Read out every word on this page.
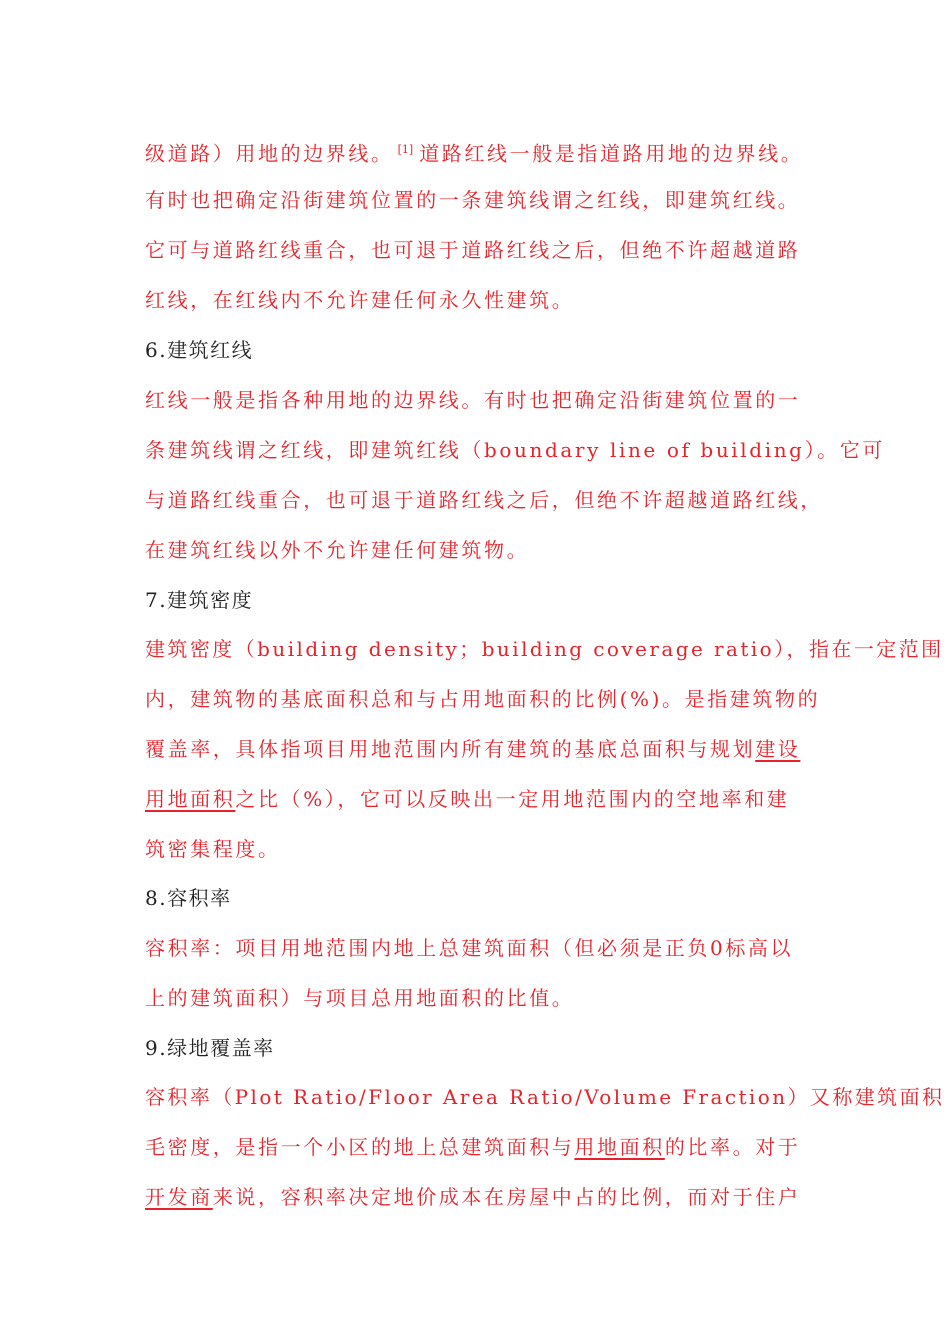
级道路）用地的边界线。 [1] 道路红线一般是指道路用地的边界线。
有时也把确定沿街建筑位置的一条建筑线谓之红线，即建筑红线。
它可与道路红线重合，也可退于道路红线之后，但绝不许超越道路
红线，在红线内不允许建任何永久性建筑。
6.建筑红线
红线一般是指各种用地的边界线。有时也把确定沿街建筑位置的一
条建筑线谓之红线，即建筑红线（boundary line of building）。它可
与道路红线重合，也可退于道路红线之后，但绝不许超越道路红线，
在建筑红线以外不允许建任何建筑物。
7.建筑密度
建筑密度（building density；building coverage ratio），指在一定范围
内，建筑物的基底面积总和与占用地面积的比例(%)。是指建筑物的
覆盖率，具体指项目用地范围内所有建筑的基底总面积与规划建设
用地面积之比（%），它可以反映出一定用地范围内的空地率和建
筑密集程度。
8.容积率
容积率：项目用地范围内地上总建筑面积（但必须是正负0标高以
上的建筑面积）与项目总用地面积的比值。
9.绿地覆盖率
容积率（Plot Ratio/Floor Area Ratio/Volume Fraction）又称建筑面积
毛密度，是指一个小区的地上总建筑面积与用地面积的比率。对于
开发商来说，容积率决定地价成本在房屋中占的比例，而对于住户
